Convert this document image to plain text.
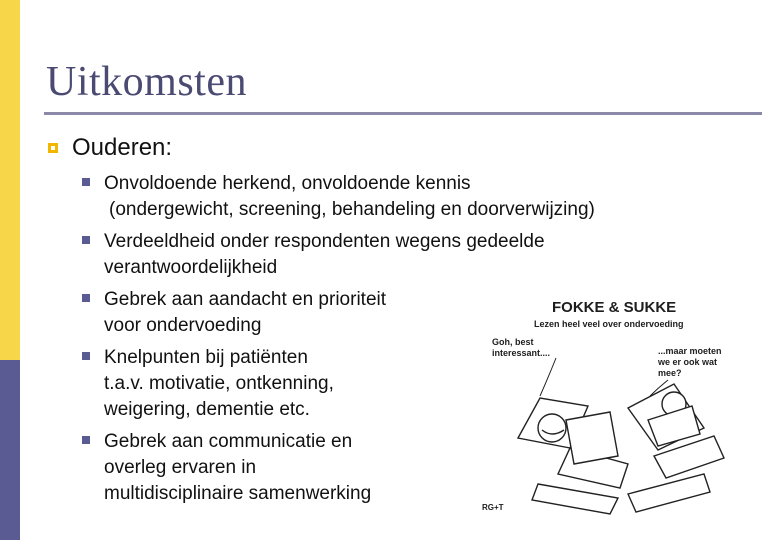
Uitkomsten
Ouderen:
Onvoldoende herkend, onvoldoende kennis
(ondergewicht, screening, behandeling en doorverwijzing)
Verdeeldheid onder respondenten wegens gedeelde
verantwoordelijkheid
Gebrek aan aandacht en prioriteit
voor ondervoeding
Knelpunten bij patiënten
t.a.v. motivatie, ontkenning,
weigering, dementie etc.
Gebrek aan communicatie en
overleg ervaren in
multidisciplinaire samenwerking
FOKKE & SUKKE
Lezen heel veel over ondervoeding
Goh, best
interessant....	...maar moeten
we er ook wat
mee?
RG+T
